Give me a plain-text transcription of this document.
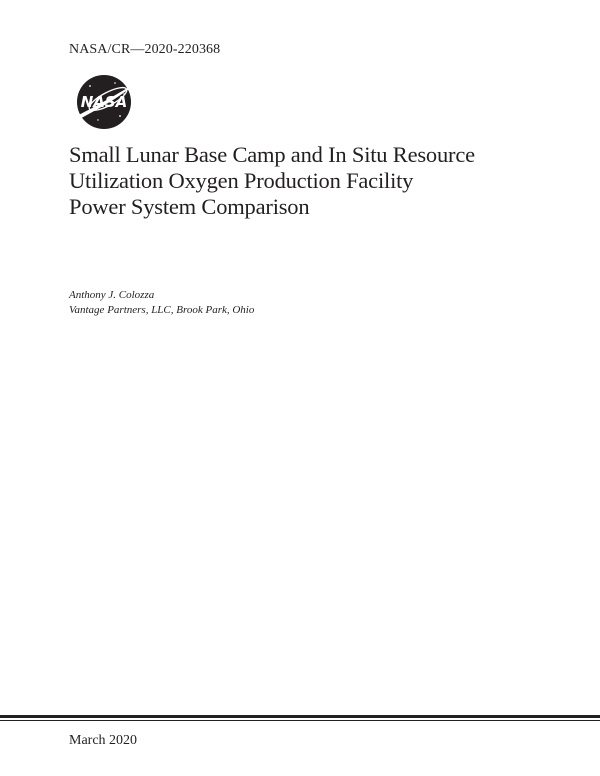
NASA/CR—2020-220368
NASA
Small Lunar Base Camp and In Situ Resource
Utilization Oxygen Production Facility
Power System Comparison
Anthony J. Colozza
Vantage Partners, LLC, Brook Park, Ohio
March 2020
